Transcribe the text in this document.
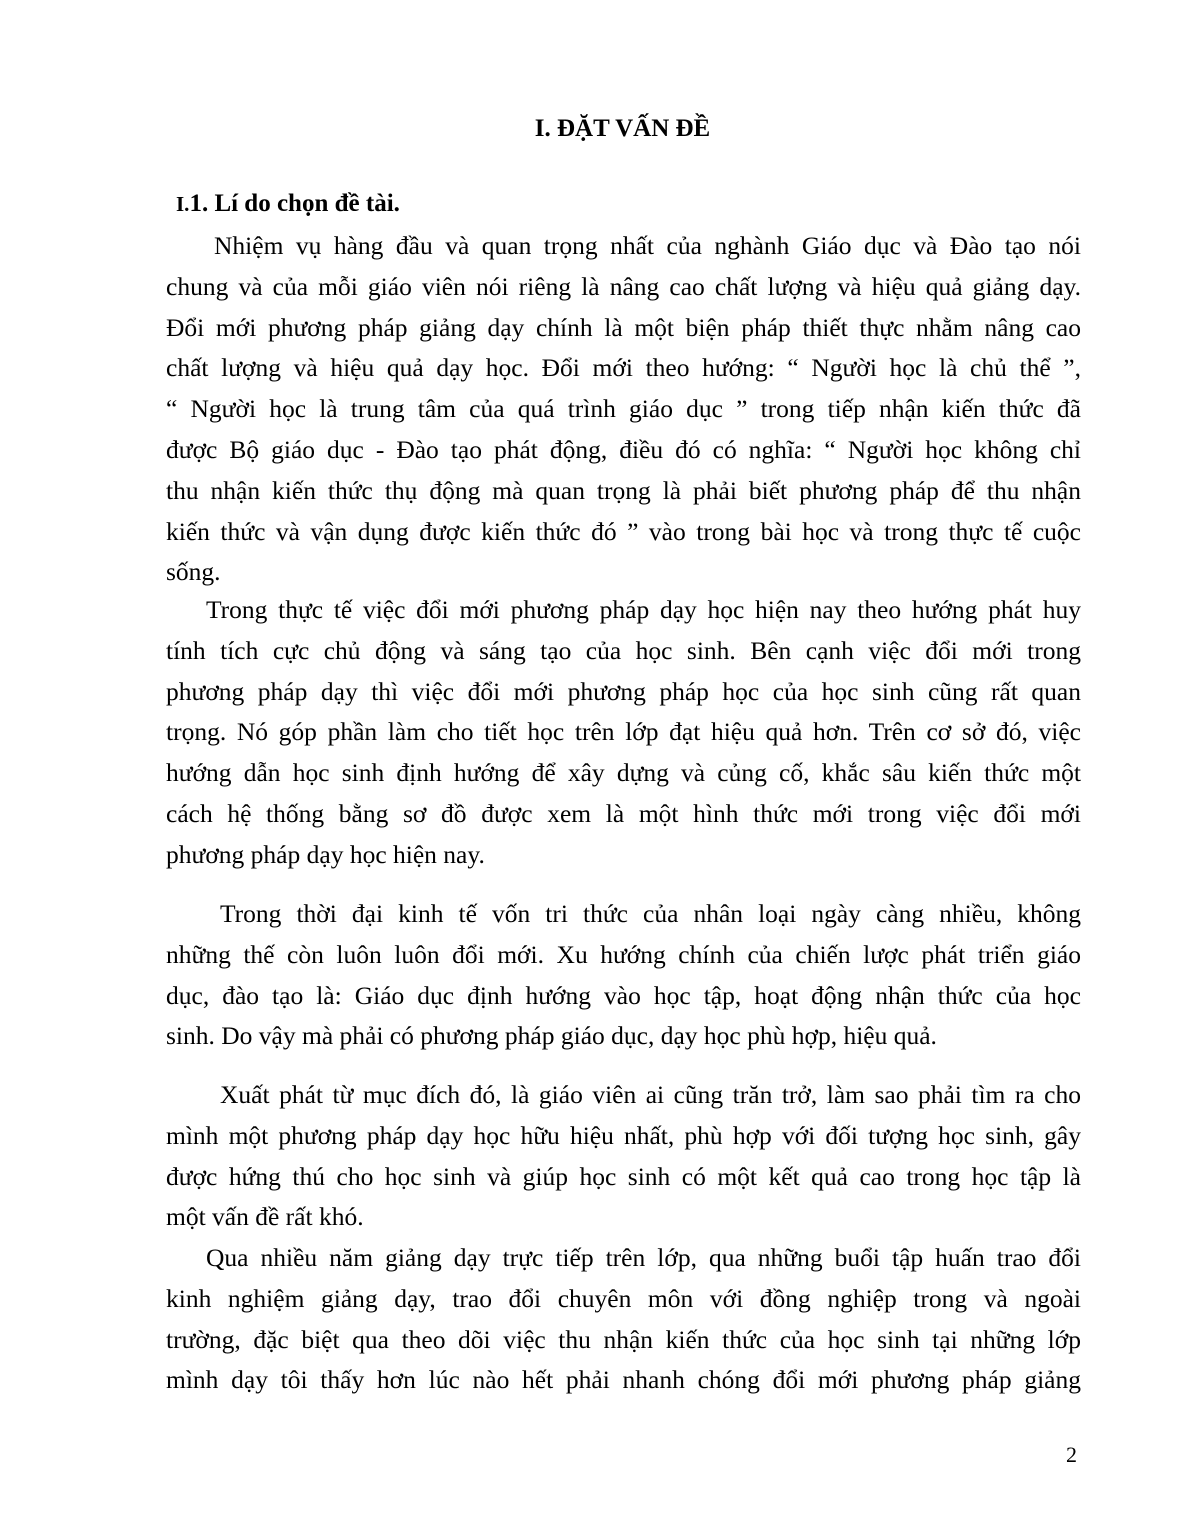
I. ĐẶT VẤN ĐỀ
I.1. Lí do chọn đề tài.
Nhiệm vụ hàng đầu và quan trọng nhất của nghành Giáo dục và Đào tạo nói
chung và của mỗi giáo viên nói riêng là nâng cao chất lượng và hiệu quả giảng dạy.
Đổi mới phương pháp giảng dạy chính là một biện pháp thiết thực nhằm nâng cao
chất lượng và hiệu quả dạy học. Đổi mới theo hướng: “ Người học là chủ thể ”,
“ Người học là trung tâm của quá trình giáo dục ” trong tiếp nhận kiến thức đã
được Bộ giáo dục - Đào tạo phát động, điều đó có nghĩa: “ Người học không chỉ
thu nhận kiến thức thụ động mà quan trọng là phải biết phương pháp để thu nhận
kiến thức và vận dụng được kiến thức đó ” vào trong bài học và trong thực tế cuộc
sống.
Trong thực tế việc đổi mới phương pháp dạy học hiện nay theo hướng phát huy
tính tích cực chủ động và sáng tạo của học sinh. Bên cạnh việc đổi mới trong
phương pháp dạy thì việc đổi mới phương pháp học của học sinh cũng rất quan
trọng. Nó góp phần làm cho tiết học trên lớp đạt hiệu quả hơn. Trên cơ sở đó, việc
hướng dẫn học sinh định hướng để xây dựng và củng cố, khắc sâu kiến thức một
cách hệ thống bằng sơ đồ được xem là một hình thức mới trong việc đổi mới
phương pháp dạy học hiện nay.
Trong thời đại kinh tế vốn tri thức của nhân loại ngày càng nhiều, không
những thế còn luôn luôn đổi mới. Xu hướng chính của chiến lược phát triển giáo
dục, đào tạo là: Giáo dục định hướng vào học tập, hoạt động nhận thức của học
sinh. Do vậy mà phải có phương pháp giáo dục, dạy học phù hợp, hiệu quả.
Xuất phát từ mục đích đó, là giáo viên ai cũng trăn trở, làm sao phải tìm ra cho
mình một phương pháp dạy học hữu hiệu nhất, phù hợp với đối tượng học sinh, gây
được hứng thú cho học sinh và giúp học sinh có một kết quả cao trong học tập là
một vấn đề rất khó.
Qua nhiều năm giảng dạy trực tiếp trên lớp, qua những buổi tập huấn trao đổi
kinh nghiệm giảng dạy, trao đổi chuyên môn với đồng nghiệp trong và ngoài
trường, đặc biệt qua theo dõi việc thu nhận kiến thức của học sinh tại những lớp
mình dạy tôi thấy hơn lúc nào hết phải nhanh chóng đổi mới phương pháp giảng
2
